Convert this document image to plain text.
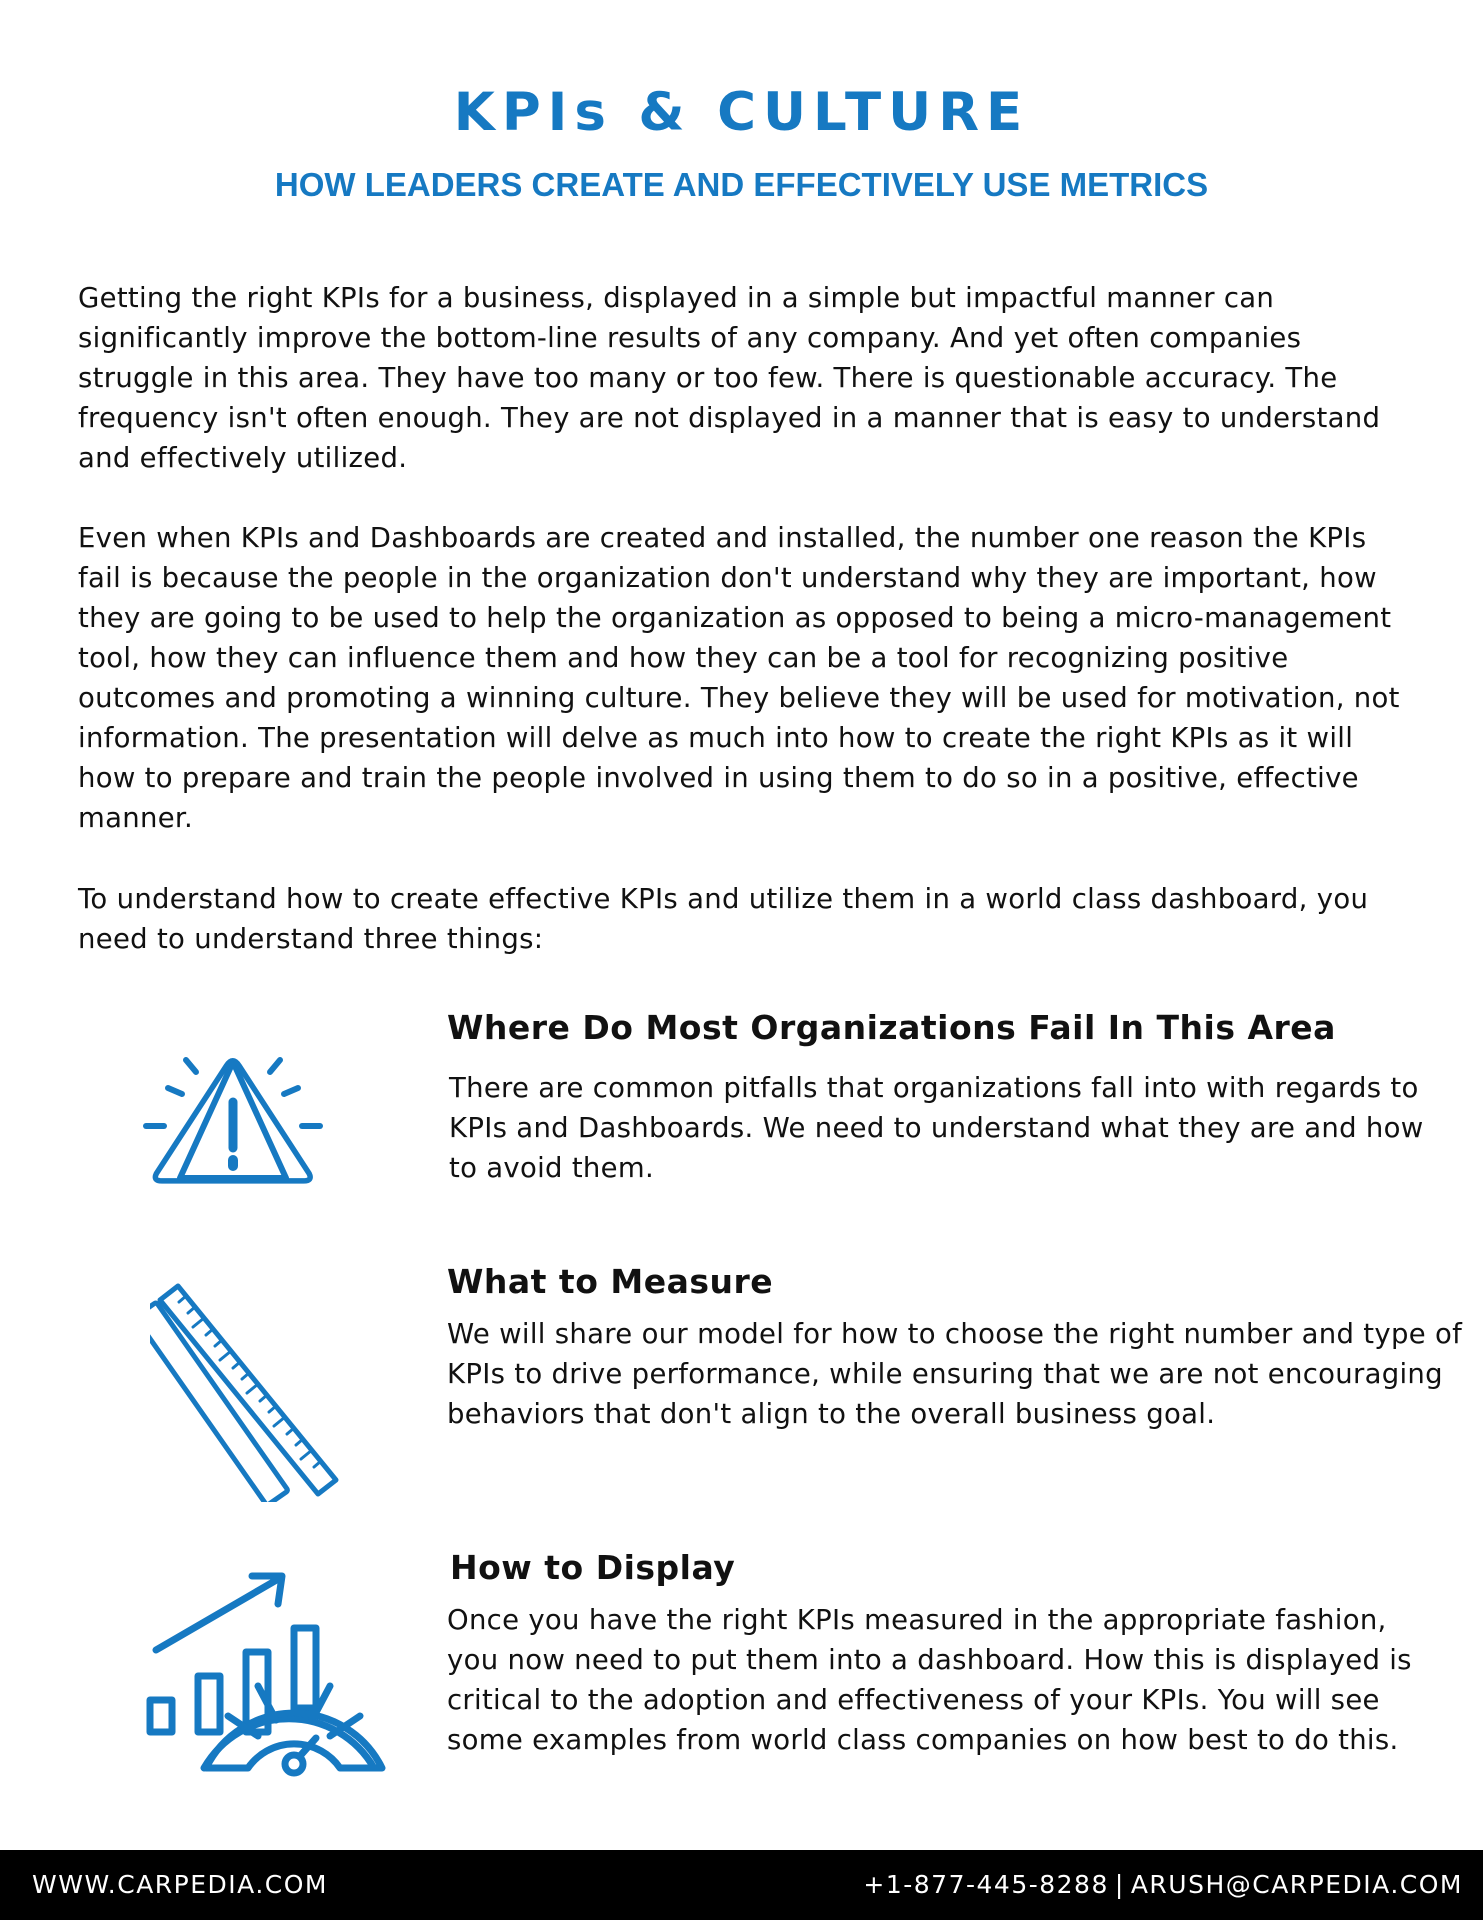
KPIs & CULTURE
HOW LEADERS CREATE AND EFFECTIVELY USE METRICS

Getting the right KPIs for a business, displayed in a simple but impactful manner can significantly improve the bottom-line results of any company. And yet often companies struggle in this area. They have too many or too few. There is questionable accuracy. The frequency isn't often enough. They are not displayed in a manner that is easy to understand and effectively utilized.

Even when KPIs and Dashboards are created and installed, the number one reason the KPIs fail is because the people in the organization don't understand why they are important, how they are going to be used to help the organization as opposed to being a micro-management tool, how they can influence them and how they can be a tool for recognizing positive outcomes and promoting a winning culture. They believe they will be used for motivation, not information. The presentation will delve as much into how to create the right KPIs as it will how to prepare and train the people involved in using them to do so in a positive, effective manner.

To understand how to create effective KPIs and utilize them in a world class dashboard, you need to understand three things:

Where Do Most Organizations Fail In This Area

There are common pitfalls that organizations fall into with regards to KPIs and Dashboards. We need to understand what they are and how to avoid them.

What to Measure

We will share our model for how to choose the right number and type of KPIs to drive performance, while ensuring that we are not encouraging behaviors that don't align to the overall business goal.

How to Display

Once you have the right KPIs measured in the appropriate fashion, you now need to put them into a dashboard. How this is displayed is critical to the adoption and effectiveness of your KPIs. You will see some examples from world class companies on how best to do this.

WWW.CARPEDIA.COM	+1-877-445-8288 | ARUSH@CARPEDIA.COM
